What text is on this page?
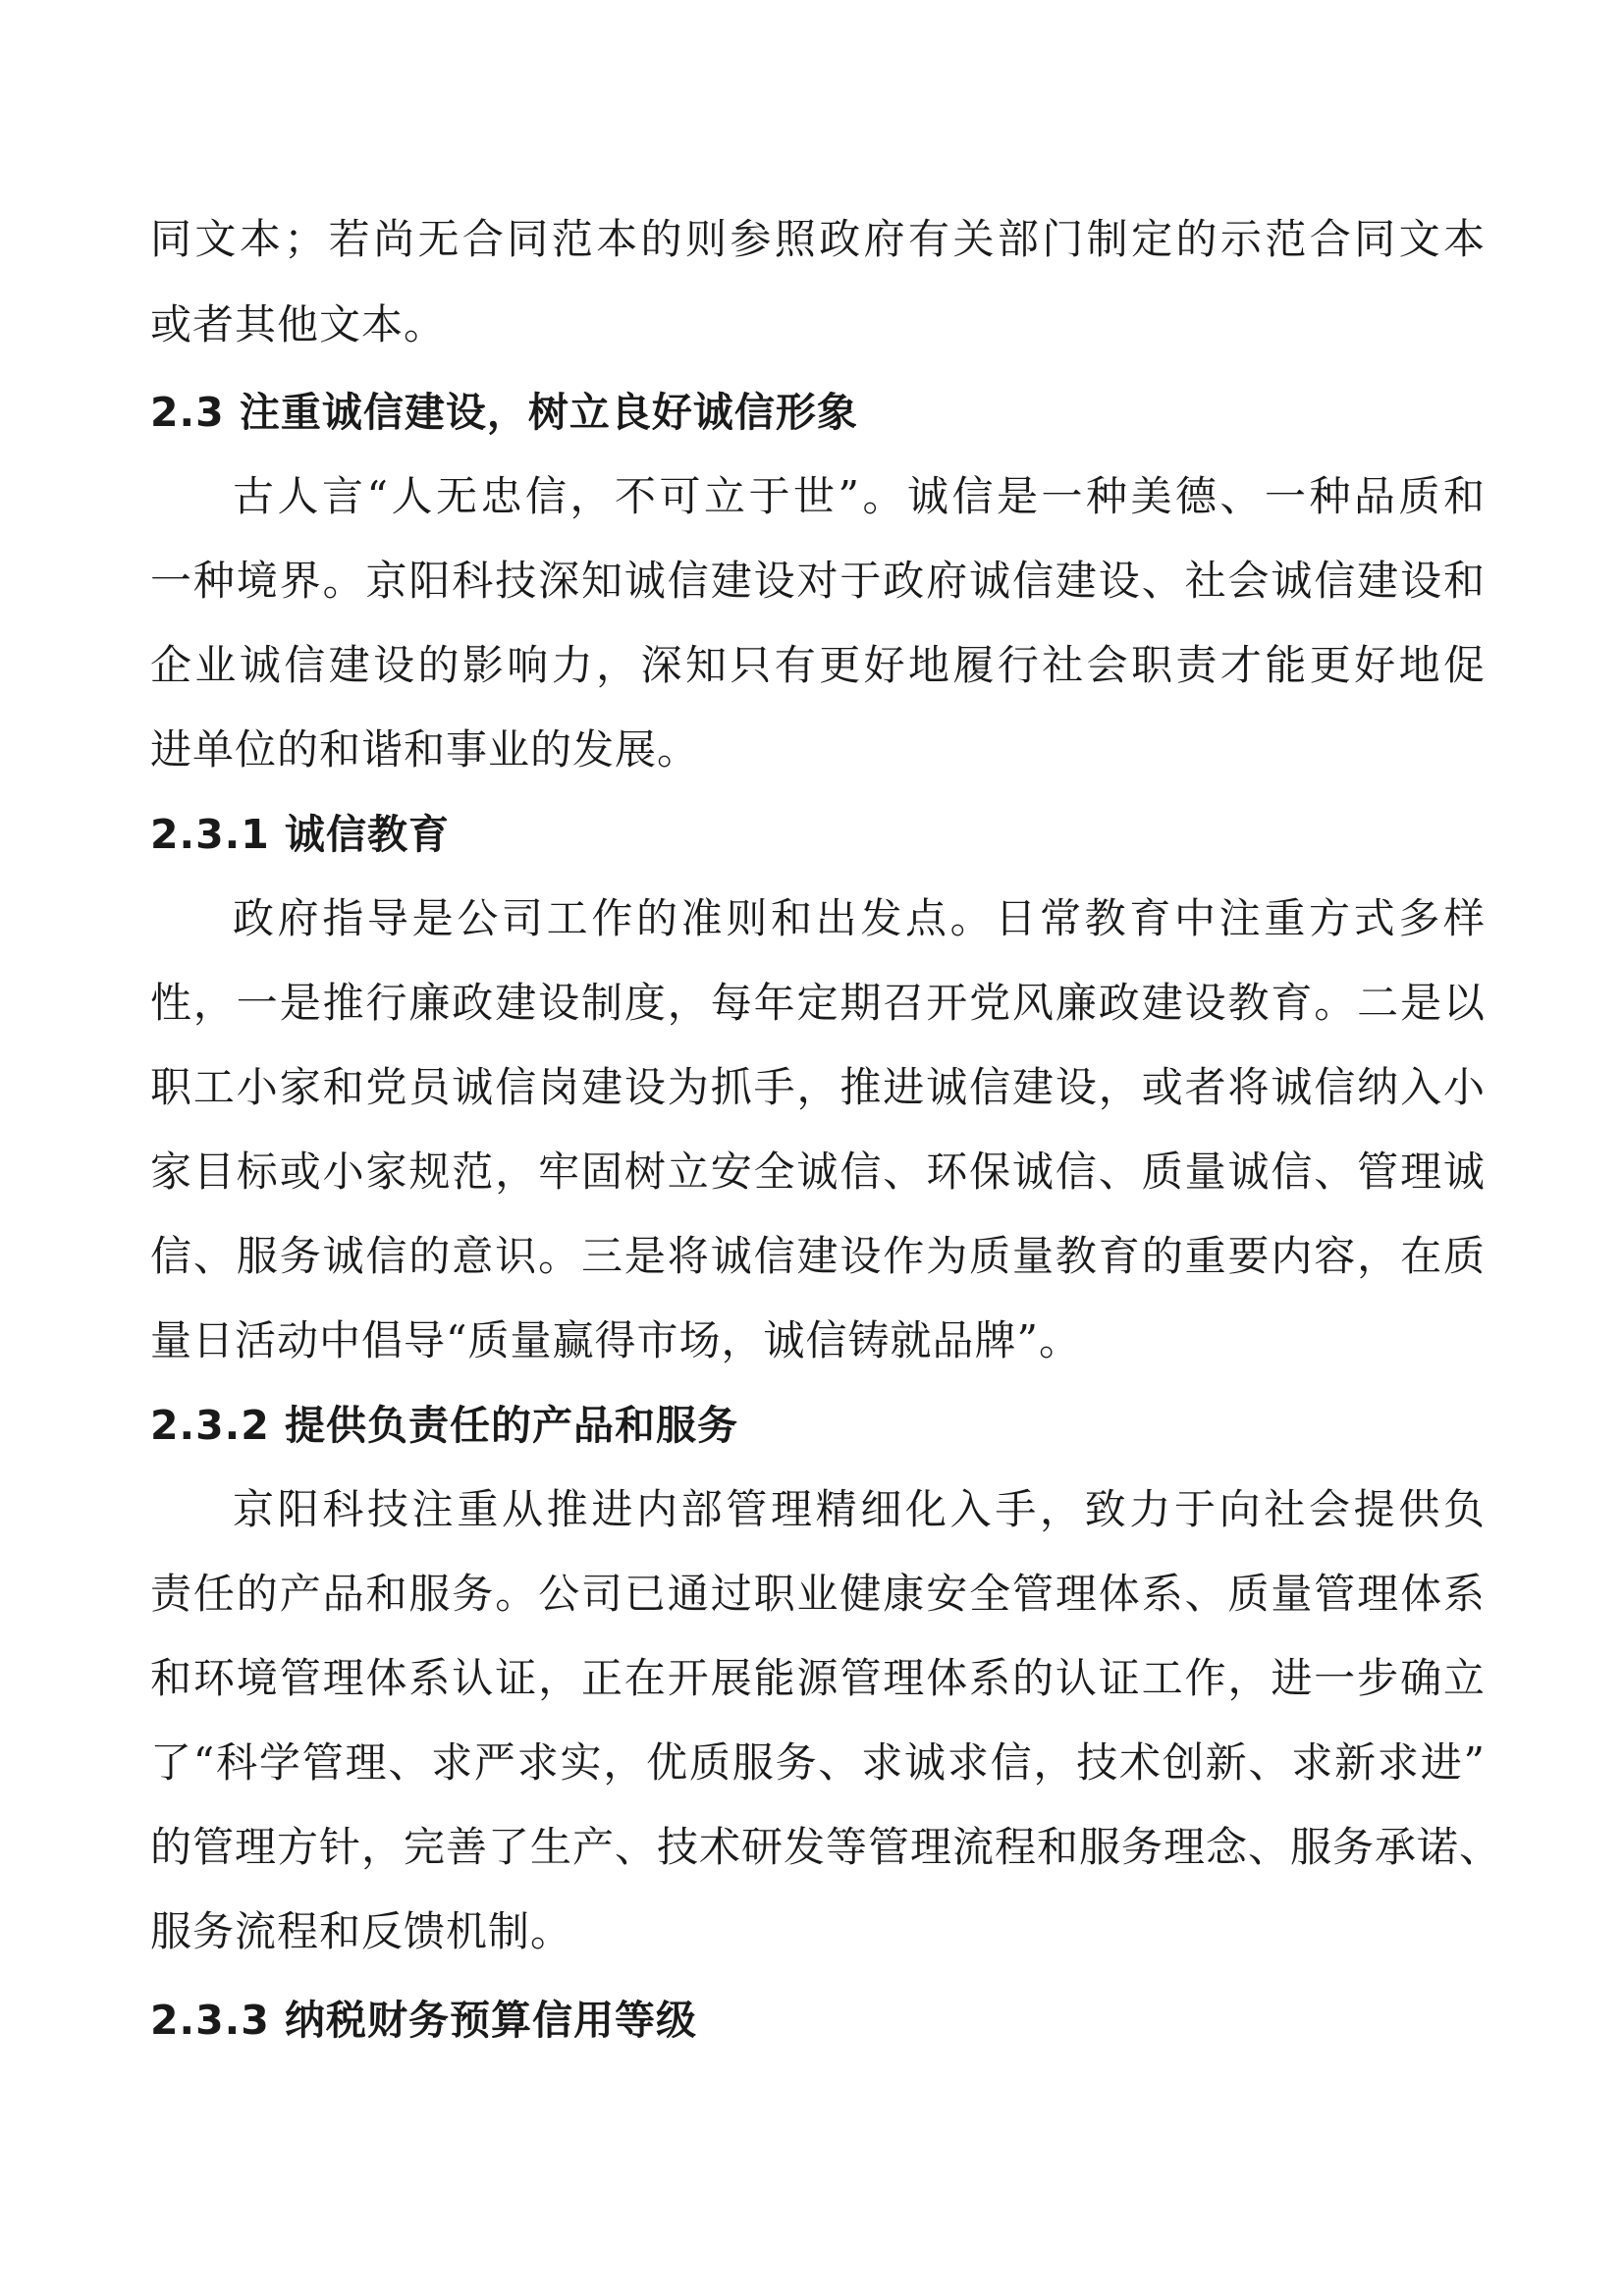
同文本；若尚无合同范本的则参照政府有关部门制定的示范合同文本
或者其他文本。
2.3 注重诚信建设，树立良好诚信形象
古人言“人无忠信，不可立于世”。诚信是一种美德、一种品质和
一种境界。京阳科技深知诚信建设对于政府诚信建设、社会诚信建设和
企业诚信建设的影响力，深知只有更好地履行社会职责才能更好地促
进单位的和谐和事业的发展。
2.3.1 诚信教育
政府指导是公司工作的准则和出发点。日常教育中注重方式多样
性，一是推行廉政建设制度，每年定期召开党风廉政建设教育。二是以
职工小家和党员诚信岗建设为抓手，推进诚信建设，或者将诚信纳入小
家目标或小家规范，牢固树立安全诚信、环保诚信、质量诚信、管理诚
信、服务诚信的意识。三是将诚信建设作为质量教育的重要内容，在质
量日活动中倡导“质量赢得市场，诚信铸就品牌”。
2.3.2 提供负责任的产品和服务
京阳科技注重从推进内部管理精细化入手，致力于向社会提供负
责任的产品和服务。公司已通过职业健康安全管理体系、质量管理体系
和环境管理体系认证，正在开展能源管理体系的认证工作，进一步确立
了“科学管理、求严求实，优质服务、求诚求信，技术创新、求新求进”
的管理方针，完善了生产、技术研发等管理流程和服务理念、服务承诺、
服务流程和反馈机制。
2.3.3 纳税财务预算信用等级
